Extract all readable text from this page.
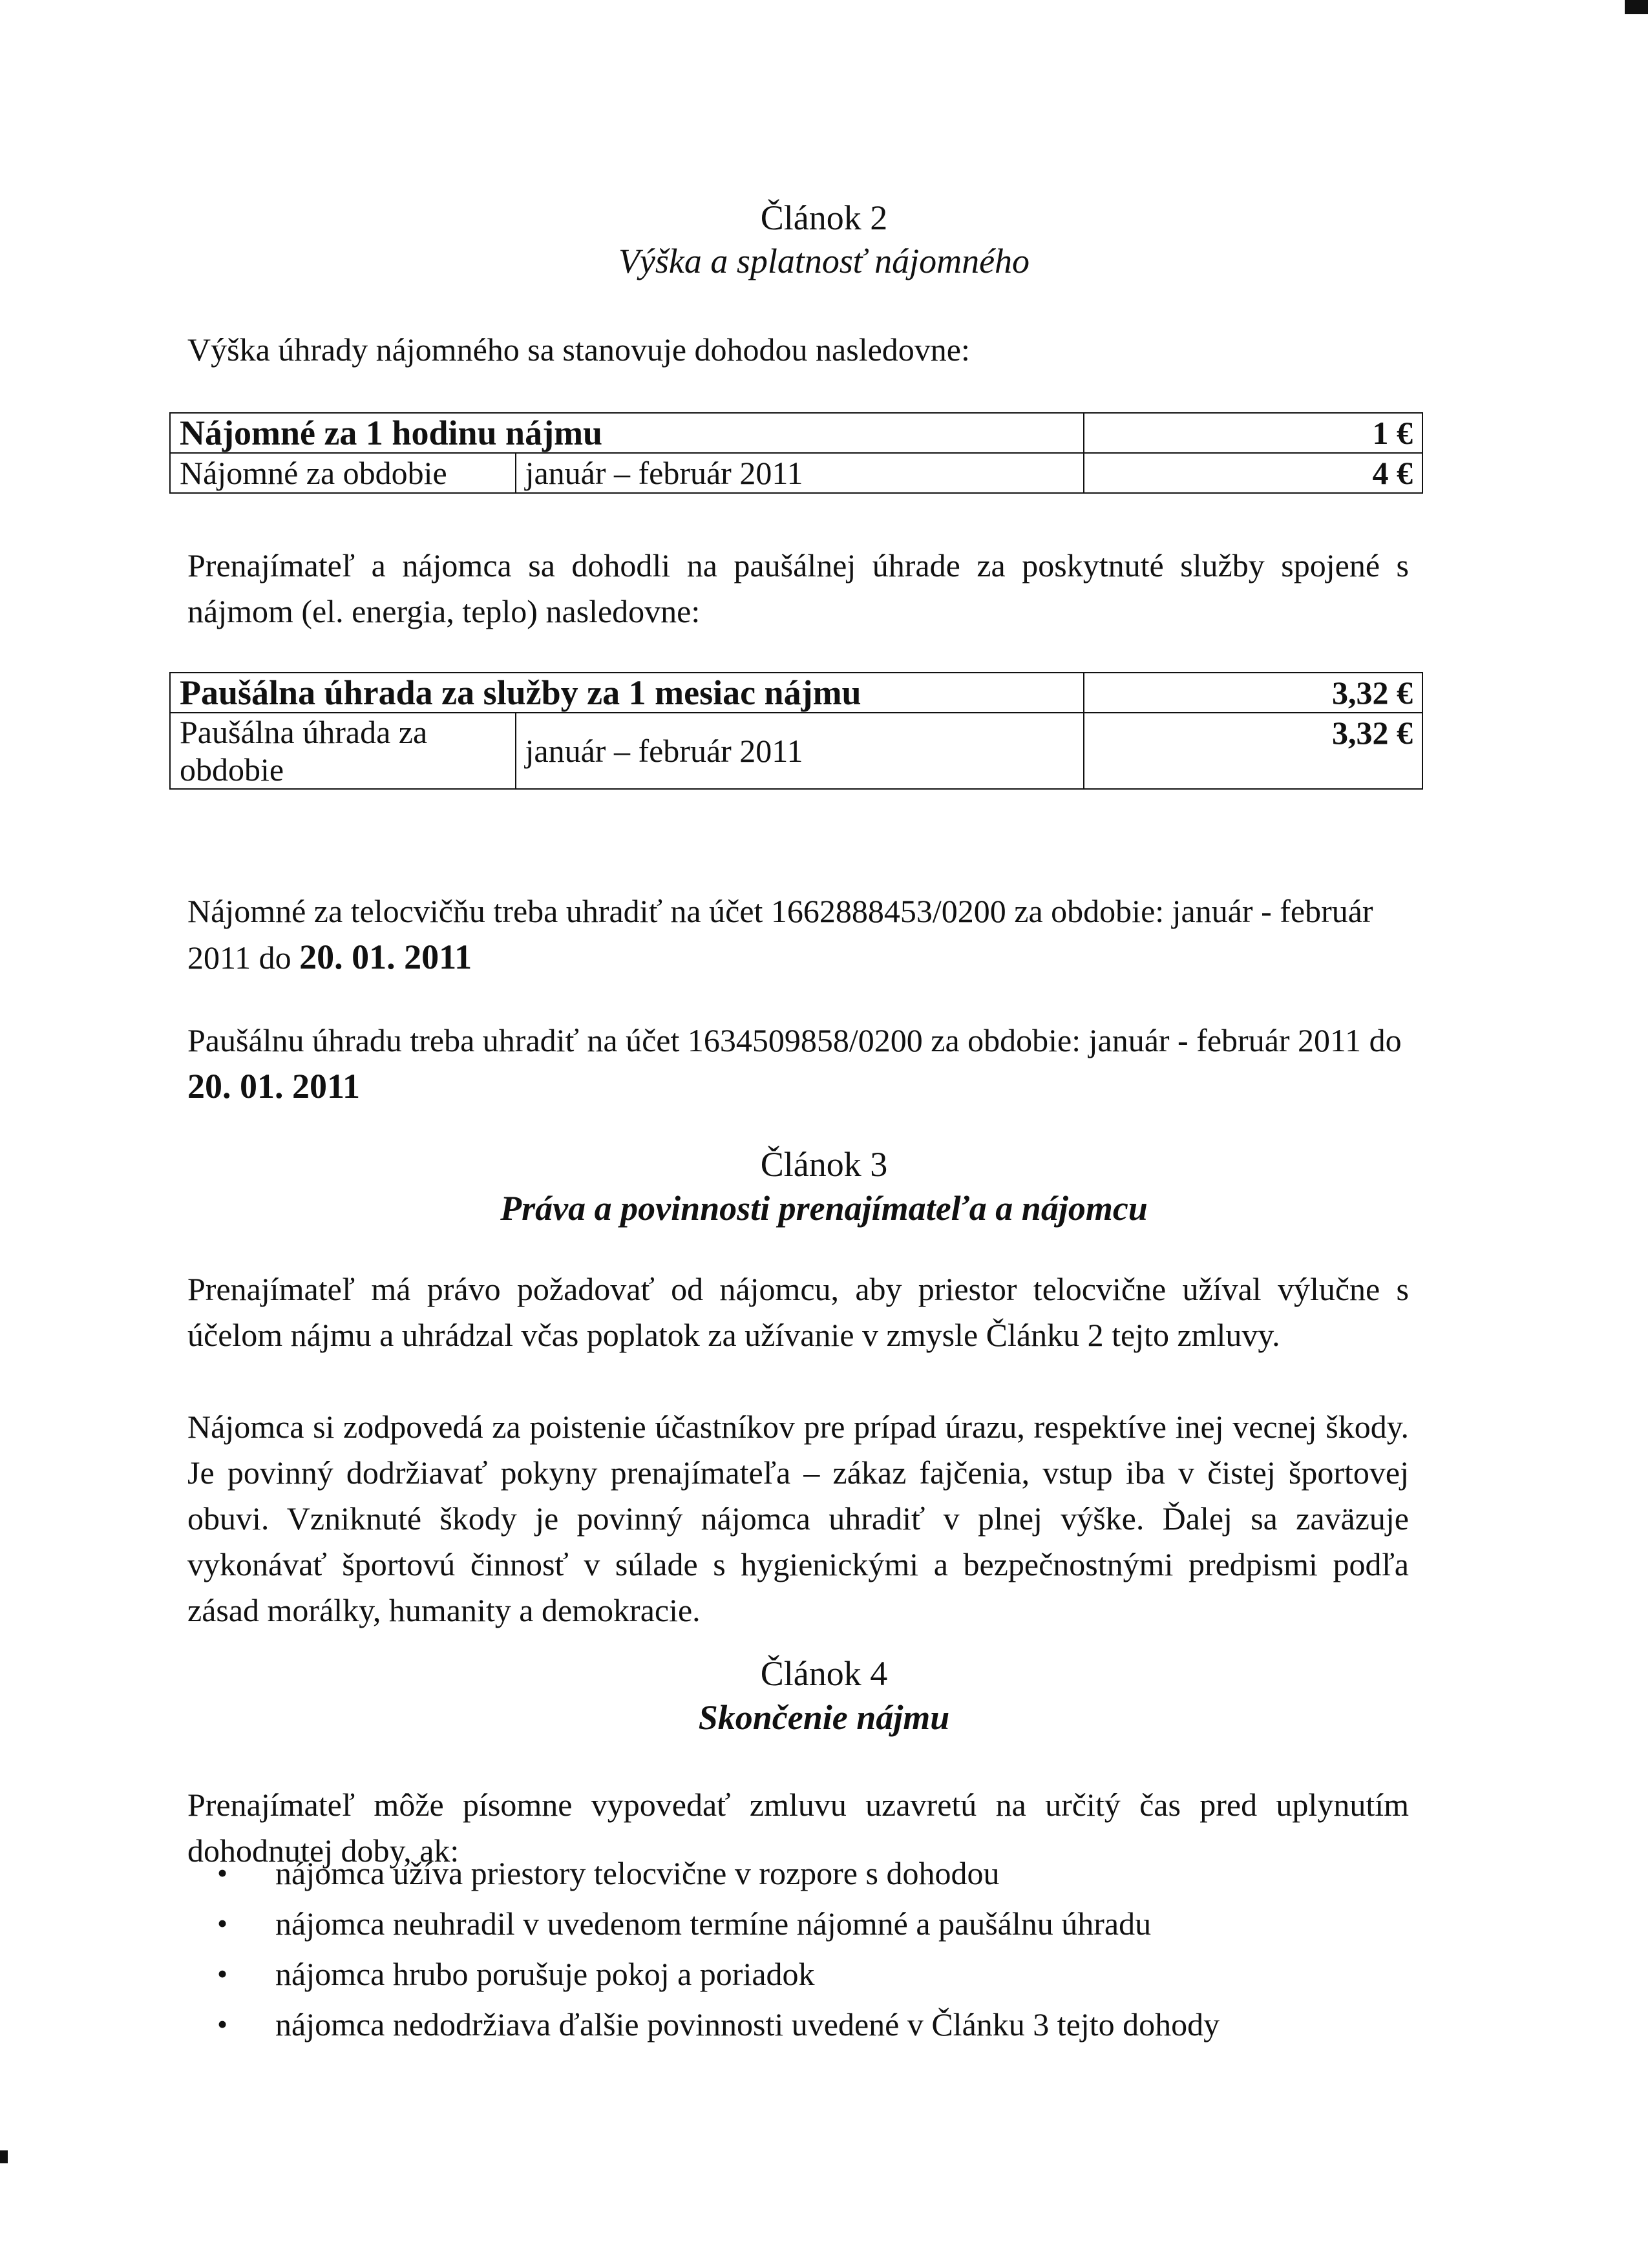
Článok 2
Výška a splatnosť nájomného
Výška úhrady nájomného sa stanovuje dohodou nasledovne:
Nájomné za 1 hodinu nájmu		1 €
Nájomné za obdobie	január – február 2011	4 €
Prenajímateľ a nájomca sa dohodli na paušálnej úhrade za poskytnuté služby spojené s nájmom (el. energia, teplo) nasledovne:
Paušálna úhrada za služby za 1 mesiac nájmu		3,32 €
Paušálna úhrada za obdobie	január – február 2011	3,32 €
Nájomné za telocvičňu treba uhradiť na účet 1662888453/0200 za obdobie: január - február 2011 do 20. 01. 2011
Paušálnu úhradu treba uhradiť na účet 1634509858/0200 za obdobie: január - február 2011 do 20. 01. 2011
Článok 3
Práva a povinnosti prenajímateľa a nájomcu
Prenajímateľ má právo požadovať od nájomcu, aby priestor telocvične užíval výlučne s účelom nájmu a uhrádzal včas poplatok za užívanie v zmysle Článku 2 tejto zmluvy.
Nájomca si zodpovedá za poistenie účastníkov pre prípad úrazu, respektíve inej vecnej škody. Je povinný dodržiavať pokyny prenajímateľa – zákaz fajčenia, vstup iba v čistej športovej obuvi. Vzniknuté škody je povinný nájomca uhradiť v plnej výške. Ďalej sa zaväzuje vykonávať športovú činnosť v súlade s hygienickými a bezpečnostnými predpismi podľa zásad morálky, humanity a demokracie.
Článok 4
Skončenie nájmu
Prenajímateľ môže písomne vypovedať zmluvu uzavretú na určitý čas pred uplynutím dohodnutej doby, ak:
• nájomca užíva priestory telocvične v rozpore s dohodou
• nájomca neuhradil v uvedenom termíne nájomné a paušálnu úhradu
• nájomca hrubo porušuje pokoj a poriadok
• nájomca nedodržiava ďalšie povinnosti uvedené v Článku 3 tejto dohody
